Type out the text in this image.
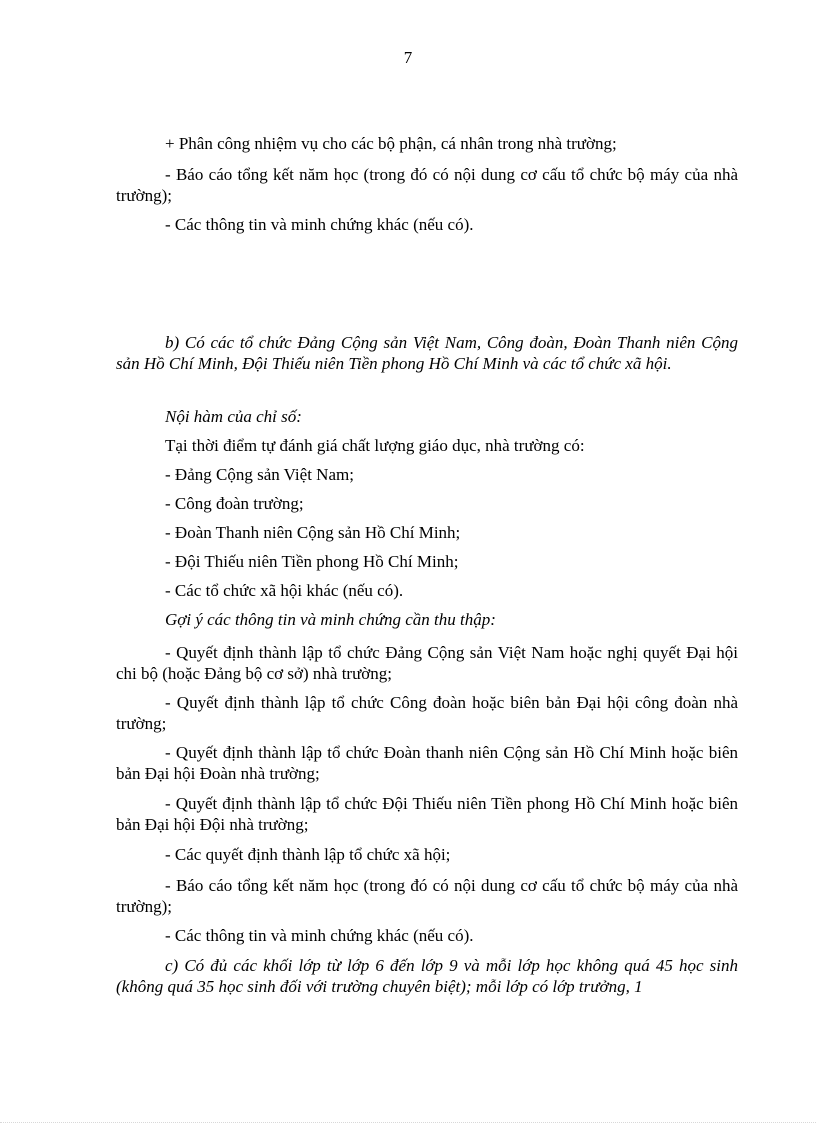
7

+ Phân công nhiệm vụ cho các bộ phận, cá nhân trong nhà trường;

- Báo cáo tổng kết năm học (trong đó có nội dung cơ cấu tổ chức bộ máy của nhà trường);

- Các thông tin và minh chứng khác (nếu có).

b) Có các tổ chức Đảng Cộng sản Việt Nam, Công đoàn, Đoàn Thanh niên Cộng sản Hồ Chí Minh, Đội Thiếu niên Tiền phong Hồ Chí Minh và các tổ chức xã hội.

Nội hàm của chỉ số:

Tại thời điểm tự đánh giá chất lượng giáo dục, nhà trường có:

- Đảng Cộng sản Việt Nam;

- Công đoàn trường;

- Đoàn Thanh niên Cộng sản Hồ Chí Minh;

- Đội Thiếu niên Tiền phong Hồ Chí Minh;

- Các tổ chức xã hội khác (nếu có).

Gợi ý các thông tin và minh chứng cần thu thập:

- Quyết định thành lập tổ chức Đảng Cộng sản Việt Nam hoặc nghị quyết Đại hội chi bộ (hoặc Đảng bộ cơ sở) nhà trường;

- Quyết định thành lập tổ chức Công đoàn hoặc biên bản Đại hội công đoàn nhà trường;

- Quyết định thành lập tổ chức Đoàn thanh niên Cộng sản Hồ Chí Minh hoặc biên bản Đại hội Đoàn nhà trường;

- Quyết định thành lập tổ chức Đội Thiếu niên Tiền phong Hồ Chí Minh hoặc biên bản Đại hội Đội nhà trường;

- Các quyết định thành lập tổ chức xã hội;

- Báo cáo tổng kết năm học (trong đó có nội dung cơ cấu tổ chức bộ máy của nhà trường);

- Các thông tin và minh chứng khác (nếu có).

c) Có đủ các khối lớp từ lớp 6 đến lớp 9 và mỗi lớp học không quá 45 học sinh (không quá 35 học sinh đối với trường chuyên biệt); mỗi lớp có lớp trưởng, 1
